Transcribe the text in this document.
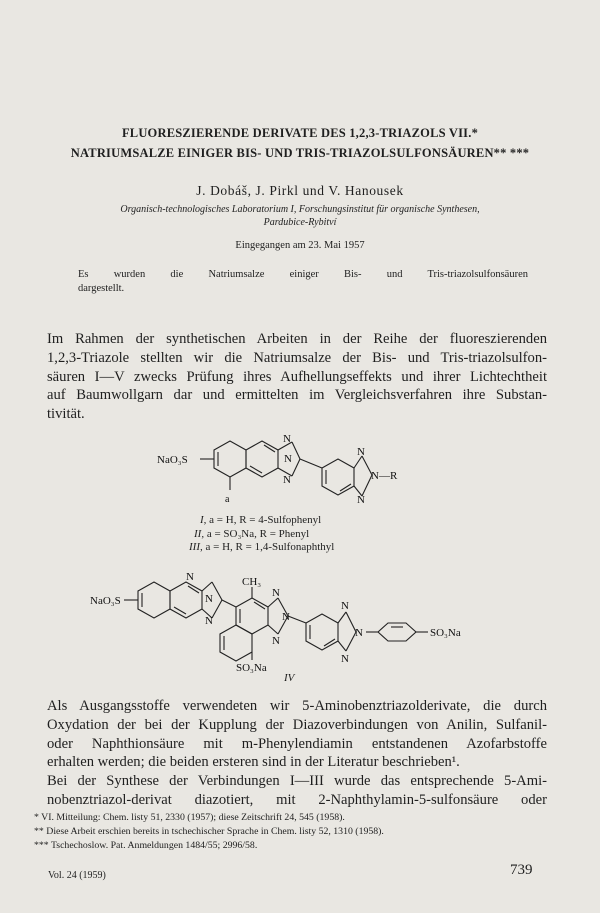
FLUORESZIERENDE DERIVATE DES 1,2,3-TRIAZOLS VII.*
NATRIUMSALZE EINIGER BIS- UND TRIS-TRIAZOLSULFONSÄUREN** ***
J. Dobáš, J. Pirkl und V. Hanousek
Organisch-technologisches Laboratorium I, Forschungsinstitut für organische Synthesen,
Pardubice-Rybitví
Eingegangen am 23. Mai 1957
Es wurden die Natriumsalze einiger Bis- und Tris-triazolsulfonsäuren
dargestellt.
Im Rahmen der synthetischen Arbeiten in der Reihe der fluoreszierenden
1,2,3-Triazole stellten wir die Natriumsalze der Bis- und Tris-triazolsulfon-
säuren I—V zwecks Prüfung ihres Aufhellungseffekts und ihrer Lichtechtheit
auf Baumwollgarn dar und ermittelten im Vergleichsverfahren ihre Substan-
tivität.
NaO₃S
a
N
N
N
N
N
N—R
I, a = H, R = 4-Sulfophenyl
II, a = SO₃Na, R = Phenyl
III, a = H, R = 1,4-Sulfonaphthyl
NaO₃S
N
N
N
CH₃
SO₃Na
N
N
N
N
N
N
SO₃Na
IV
Als Ausgangsstoffe verwendeten wir 5-Aminobenztriazolderivate, die durch
Oxydation der bei der Kupplung der Diazoverbindungen von Anilin, Sulfanil-
oder Naphthionsäure mit m-Phenylendiamin entstandenen Azofarbstoffe
erhalten werden; die beiden ersteren sind in der Literatur beschrieben¹.
Bei der Synthese der Verbindungen I—III wurde das entsprechende 5-Ami-
nobenztriazol-derivat diazotiert, mit 2-Naphthylamin-5-sulfonsäure oder
* VI. Mitteilung: Chem. listy 51, 2330 (1957); diese Zeitschrift 24, 545 (1958).
** Diese Arbeit erschien bereits in tschechischer Sprache in Chem. listy 52, 1310 (1958).
*** Tschechoslow. Pat. Anmeldungen 1484/55; 2996/58.
Vol. 24 (1959)	739
